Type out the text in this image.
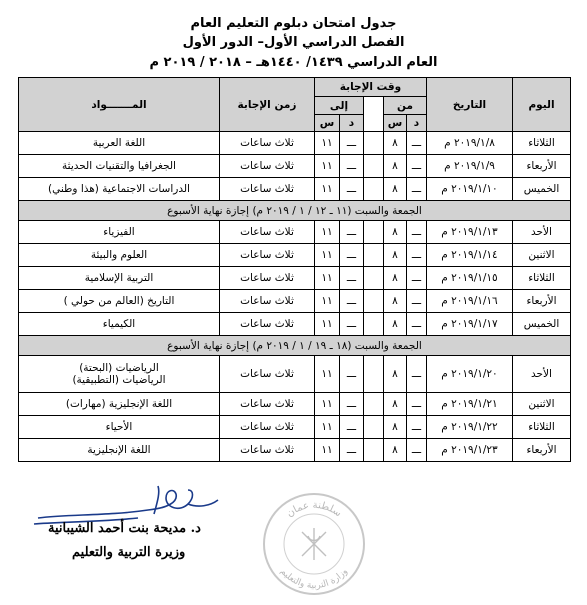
جدول امتحان دبلوم التعليم العام
الفصل الدراسي الأول– الدور الأول
العام الدراسي ١٤٣٩/ ١٤٤٠هـ – ٢٠١٨ / ٢٠١٩ م
اليوم	التاريخ	وقت الإجابة					زمن الإجابة	المـــــــواد
		من			إلى			
		د	س		د	س		
الثلاثاء	٢٠١٩/١/٨ م	ـــ	٨		ـــ	١١	ثلاث ساعات	اللغة العربية
الأربعاء	٢٠١٩/١/٩ م	ـــ	٨		ـــ	١١	ثلاث ساعات	الجغرافيا والتقنيات الحديثة
الخميس	٢٠١٩/١/١٠ م	ـــ	٨		ـــ	١١	ثلاث ساعات	الدراسات الاجتماعية (هذا وطني)
الجمعة والسبت (١١ ـ ١٢ / ١ / ٢٠١٩ م) إجازة نهاية الأسبوع								
الأحد	٢٠١٩/١/١٣ م	ـــ	٨		ـــ	١١	ثلاث ساعات	الفيزياء
الاثنين	٢٠١٩/١/١٤ م	ـــ	٨		ـــ	١١	ثلاث ساعات	العلوم والبيئة
الثلاثاء	٢٠١٩/١/١٥ م	ـــ	٨		ـــ	١١	ثلاث ساعات	التربية الإسلامية
الأربعاء	٢٠١٩/١/١٦ م	ـــ	٨		ـــ	١١	ثلاث ساعات	التاريخ (العالم من حولي )
الخميس	٢٠١٩/١/١٧ م	ـــ	٨		ـــ	١١	ثلاث ساعات	الكيمياء
الجمعة والسبت (١٨ ـ ١٩ / ١ / ٢٠١٩ م) إجازة نهاية الأسبوع								
الأحد	٢٠١٩/١/٢٠ م	ـــ	٨		ـــ	١١	ثلاث ساعات	الرياضيات (البحتة)
الرياضيات (التطبيقية)

الاثنين	٢٠١٩/١/٢١ م	ـــ	٨		ـــ	١١	ثلاث ساعات	اللغة الإنجليزية (مهارات)
الثلاثاء	٢٠١٩/١/٢٢ م	ـــ	٨		ـــ	١١	ثلاث ساعات	الأحياء
الأربعاء	٢٠١٩/١/٢٣ م	ـــ	٨		ـــ	١١	ثلاث ساعات	اللغة الإنجليزية
د. مديحة بنت أحمد الشيبانية
وزيرة التربية والتعليم
سلطنة عمان
وزارة التربية والتعليم
